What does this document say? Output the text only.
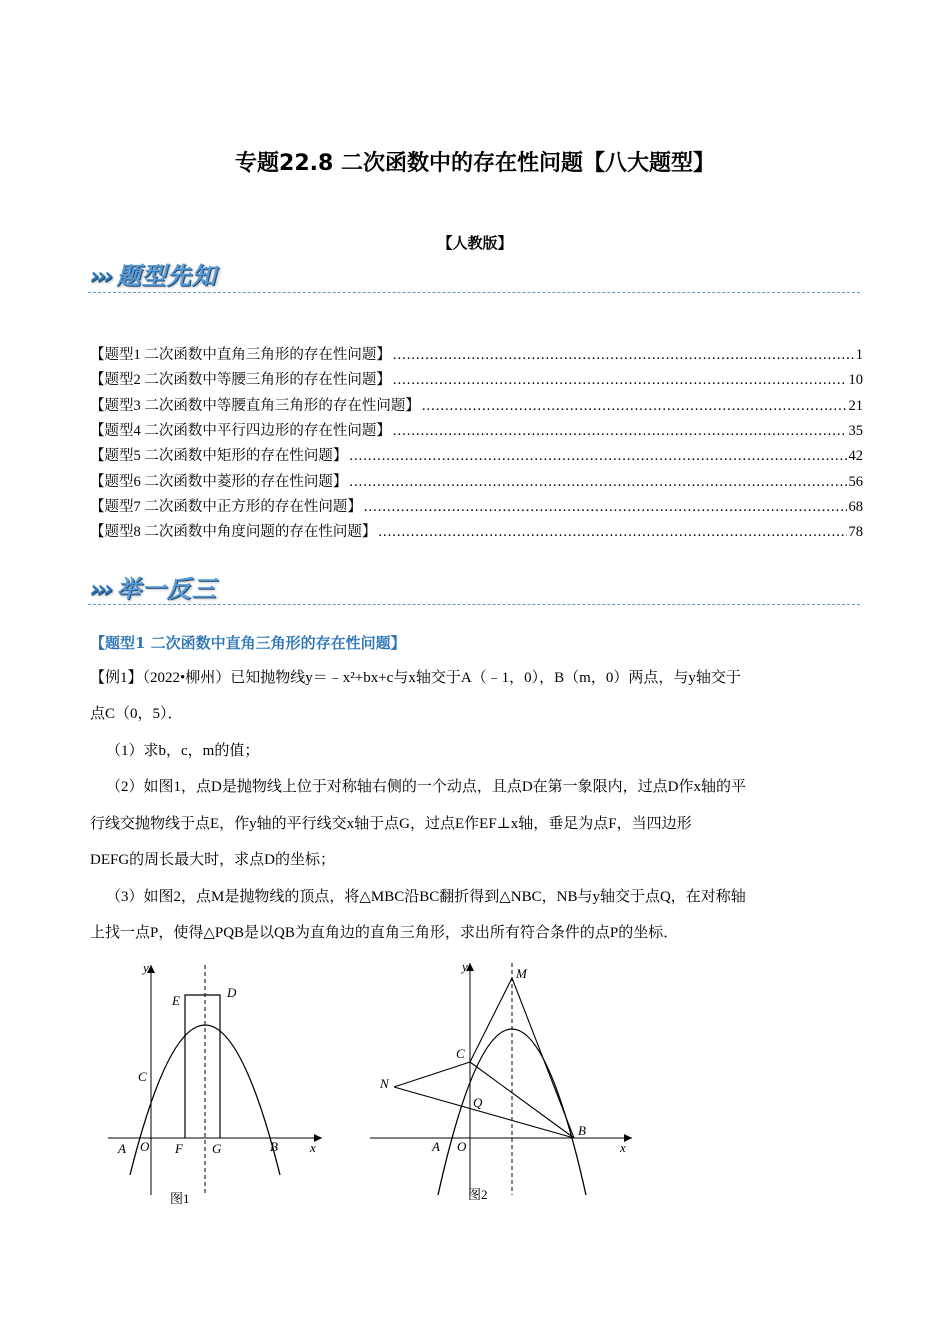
专题22.8 二次函数中的存在性问题【八大题型】
【人教版】
››› 题型先知
【题型1 二次函数中直角三角形的存在性问题】 .....	1
【题型2 二次函数中等腰三角形的存在性问题】 .....	10
【题型3 二次函数中等腰直角三角形的存在性问题】 .....	21
【题型4 二次函数中平行四边形的存在性问题】 .....	35
【题型5 二次函数中矩形的存在性问题】 .....	42
【题型6 二次函数中菱形的存在性问题】 .....	56
【题型7 二次函数中正方形的存在性问题】 .....	68
【题型8 二次函数中角度问题的存在性问题】 .....	78
››› 举一反三
【题型1 二次函数中直角三角形的存在性问题】
【例1】（2022•柳州）已知抛物线y＝﹣x²+bx+c与x轴交于A（﹣1，0），B（m，0）两点，与y轴交于
点C（0，5）．
（1）求b，c，m的值；
（2）如图1，点D是抛物线上位于对称轴右侧的一个动点，且点D在第一象限内，过点D作x轴的平
行线交抛物线于点E，作y轴的平行线交x轴于点G，过点E作EF⊥x轴，垂足为点F，当四边形
DEFG的周长最大时，求点D的坐标；
（3）如图2，点M是抛物线的顶点，将△MBC沿BC翻折得到△NBC，NB与y轴交于点Q，在对称轴
上找一点P，使得△PQB是以QB为直角边的直角三角形，求出所有符合条件的点P的坐标．
y
x
E
D
C
A O F G	B
图1
y
x
M
C
N
Q
A O
B
图2
